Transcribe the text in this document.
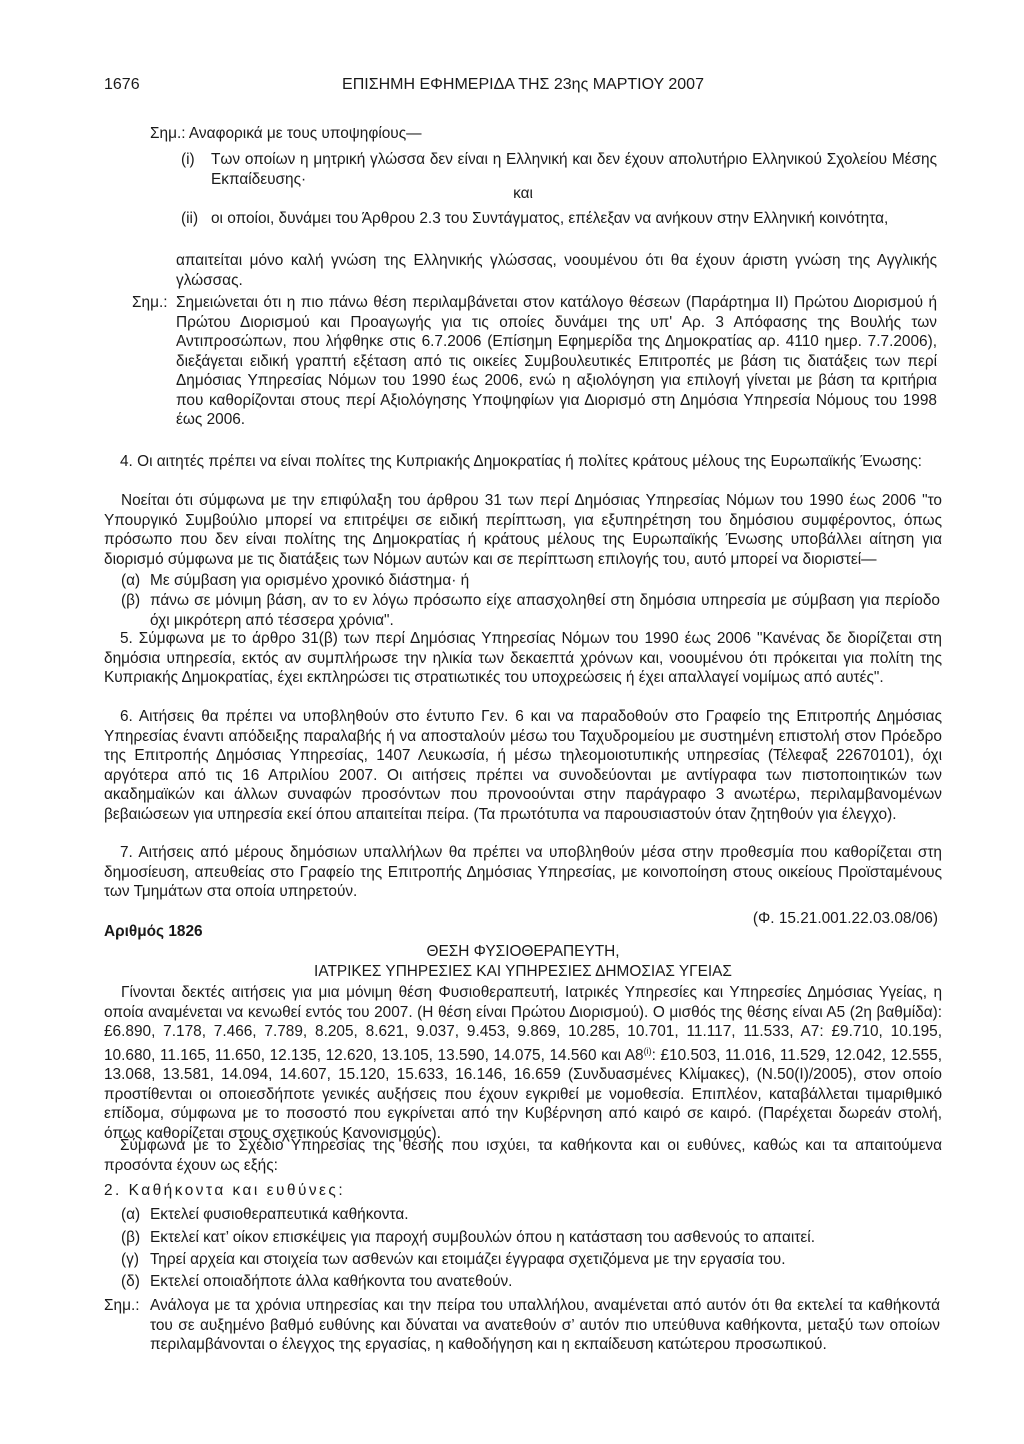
1676	ΕΠΙΣΗΜΗ ΕΦΗΜΕΡΙΔΑ ΤΗΣ 23ης ΜΑΡΤΙΟΥ 2007

Σημ.: Αναφορικά με τους υποψηφίους—

(i) Των οποίων η μητρική γλώσσα δεν είναι η Ελληνική και δεν έχουν απολυτήριο Ελληνικού Σχολείου Μέσης Εκπαίδευσης·

και

(ii) οι οποίοι, δυνάμει του Άρθρου 2.3 του Συντάγματος, επέλεξαν να ανήκουν στην Ελληνική κοινότητα,

απαιτείται μόνο καλή γνώση της Ελληνικής γλώσσας, νοουμένου ότι θα έχουν άριστη γνώση της Αγγλικής γλώσσας.

Σημ.: Σημειώνεται ότι η πιο πάνω θέση περιλαμβάνεται στον κατάλογο θέσεων (Παράρτημα ΙΙ) Πρώτου Διορισμού ή Πρώτου Διορισμού και Προαγωγής για τις οποίες δυνάμει της υπ' Αρ. 3 Απόφασης της Βουλής των Αντιπροσώπων, που λήφθηκε στις 6.7.2006 (Επίσημη Εφημερίδα της Δημοκρατίας αρ. 4110 ημερ. 7.7.2006), διεξάγεται ειδική γραπτή εξέταση από τις οικείες Συμβουλευτικές Επιτροπές με βάση τις διατάξεις των περί Δημόσιας Υπηρεσίας Νόμων του 1990 έως 2006, ενώ η αξιολόγηση για επιλογή γίνεται με βάση τα κριτήρια που καθορίζονται στους περί Αξιολόγησης Υποψηφίων για Διορισμό στη Δημόσια Υπηρεσία Νόμους του 1998 έως 2006.

4. Οι αιτητές πρέπει να είναι πολίτες της Κυπριακής Δημοκρατίας ή πολίτες κράτους μέλους της Ευρωπαϊκής Ένωσης:

Νοείται ότι σύμφωνα με την επιφύλαξη του άρθρου 31 των περί Δημόσιας Υπηρεσίας Νόμων του 1990 έως 2006 "το Υπουργικό Συμβούλιο μπορεί να επιτρέψει σε ειδική περίπτωση, για εξυπηρέτηση του δημόσιου συμφέροντος, όπως πρόσωπο που δεν είναι πολίτης της Δημοκρατίας ή κράτους μέλους της Ευρωπαϊκής Ένωσης υποβάλλει αίτηση για διορισμό σύμφωνα με τις διατάξεις των Νόμων αυτών και σε περίπτωση επιλογής του, αυτό μπορεί να διοριστεί—

(α) Με σύμβαση για ορισμένο χρονικό διάστημα· ή

(β) πάνω σε μόνιμη βάση, αν το εν λόγω πρόσωπο είχε απασχοληθεί στη δημόσια υπηρεσία με σύμβαση για περίοδο όχι μικρότερη από τέσσερα χρόνια".

5. Σύμφωνα με το άρθρο 31(β) των περί Δημόσιας Υπηρεσίας Νόμων του 1990 έως 2006 "Κανένας δε διορίζεται στη δημόσια υπηρεσία, εκτός αν συμπλήρωσε την ηλικία των δεκαεπτά χρόνων και, νοουμένου ότι πρόκειται για πολίτη της Κυπριακής Δημοκρατίας, έχει εκπληρώσει τις στρατιωτικές του υποχρεώσεις ή έχει απαλλαγεί νομίμως από αυτές".

6. Αιτήσεις θα πρέπει να υποβληθούν στο έντυπο Γεν. 6 και να παραδοθούν στο Γραφείο της Επιτροπής Δημόσιας Υπηρεσίας έναντι απόδειξης παραλαβής ή να αποσταλούν μέσω του Ταχυδρομείου με συστημένη επιστολή στον Πρόεδρο της Επιτροπής Δημόσιας Υπηρεσίας, 1407 Λευκωσία, ή μέσω τηλεομοιοτυπικής υπηρεσίας (Τέλεφαξ 22670101), όχι αργότερα από τις 16 Απριλίου 2007. Οι αιτήσεις πρέπει να συνοδεύονται με αντίγραφα των πιστοποιητικών των ακαδημαϊκών και άλλων συναφών προσόντων που προνοούνται στην παράγραφο 3 ανωτέρω, περιλαμβανομένων βεβαιώσεων για υπηρεσία εκεί όπου απαιτείται πείρα. (Τα πρωτότυπα να παρουσιαστούν όταν ζητηθούν για έλεγχο).

7. Αιτήσεις από μέρους δημόσιων υπαλλήλων θα πρέπει να υποβληθούν μέσα στην προθεσμία που καθορίζεται στη δημοσίευση, απευθείας στο Γραφείο της Επιτροπής Δημόσιας Υπηρεσίας, με κοινοποίηση στους οικείους Προϊσταμένους των Τμημάτων στα οποία υπηρετούν.

(Φ. 15.21.001.22.03.08/06)

Αριθμός 1826

ΘΕΣΗ ΦΥΣΙΟΘΕΡΑΠΕΥΤΗ,

ΙΑΤΡΙΚΕΣ ΥΠΗΡΕΣΙΕΣ ΚΑΙ ΥΠΗΡΕΣΙΕΣ ΔΗΜΟΣΙΑΣ ΥΓΕΙΑΣ

Γίνονται δεκτές αιτήσεις για μια μόνιμη θέση Φυσιοθεραπευτή, Ιατρικές Υπηρεσίες και Υπηρεσίες Δημόσιας Υγείας, η οποία αναμένεται να κενωθεί εντός του 2007. (Η θέση είναι Πρώτου Διορισμού). Ο μισθός της θέσης είναι Α5 (2η βαθμίδα): £6.890, 7.178, 7.466, 7.789, 8.205, 8.621, 9.037, 9.453, 9.869, 10.285, 10.701, 11.117, 11.533, Α7: £9.710, 10.195, 10.680, 11.165, 11.650, 12.135, 12.620, 13.105, 13.590, 14.075, 14.560 και Α8$^{(i)}$: £10.503, 11.016, 11.529, 12.042, 12.555, 13.068, 13.581, 14.094, 14.607, 15.120, 15.633, 16.146, 16.659 (Συνδυασμένες Κλίμακες), (Ν.50(Ι)/2005), στον οποίο προστίθενται οι οποιεσδήποτε γενικές αυξήσεις που έχουν εγκριθεί με νομοθεσία. Επιπλέον, καταβάλλεται τιμαριθμικό επίδομα, σύμφωνα με το ποσοστό που εγκρίνεται από την Κυβέρνηση από καιρό σε καιρό. (Παρέχεται δωρεάν στολή, όπως καθορίζεται στους σχετικούς Κανονισμούς).

Σύμφωνα με το Σχέδιο Υπηρεσίας της θέσης που ισχύει, τα καθήκοντα και οι ευθύνες, καθώς και τα απαιτούμενα προσόντα έχουν ως εξής:

2. Καθήκοντα και ευθύνες:

(α) Εκτελεί φυσιοθεραπευτικά καθήκοντα.

(β) Εκτελεί κατ’ οίκον επισκέψεις για παροχή συμβουλών όπου η κατάσταση του ασθενούς το απαιτεί.

(γ) Τηρεί αρχεία και στοιχεία των ασθενών και ετοιμάζει έγγραφα σχετιζόμενα με την εργασία του.

(δ) Εκτελεί οποιαδήποτε άλλα καθήκοντα του ανατεθούν.

Σημ.: Ανάλογα με τα χρόνια υπηρεσίας και την πείρα του υπαλλήλου, αναμένεται από αυτόν ότι θα εκτελεί τα καθήκοντά του σε αυξημένο βαθμό ευθύνης και δύναται να ανατεθούν σ’ αυτόν πιο υπεύθυνα καθήκοντα, μεταξύ των οποίων περιλαμβάνονται ο έλεγχος της εργασίας, η καθοδήγηση και η εκπαίδευση κατώτερου προσωπικού.
